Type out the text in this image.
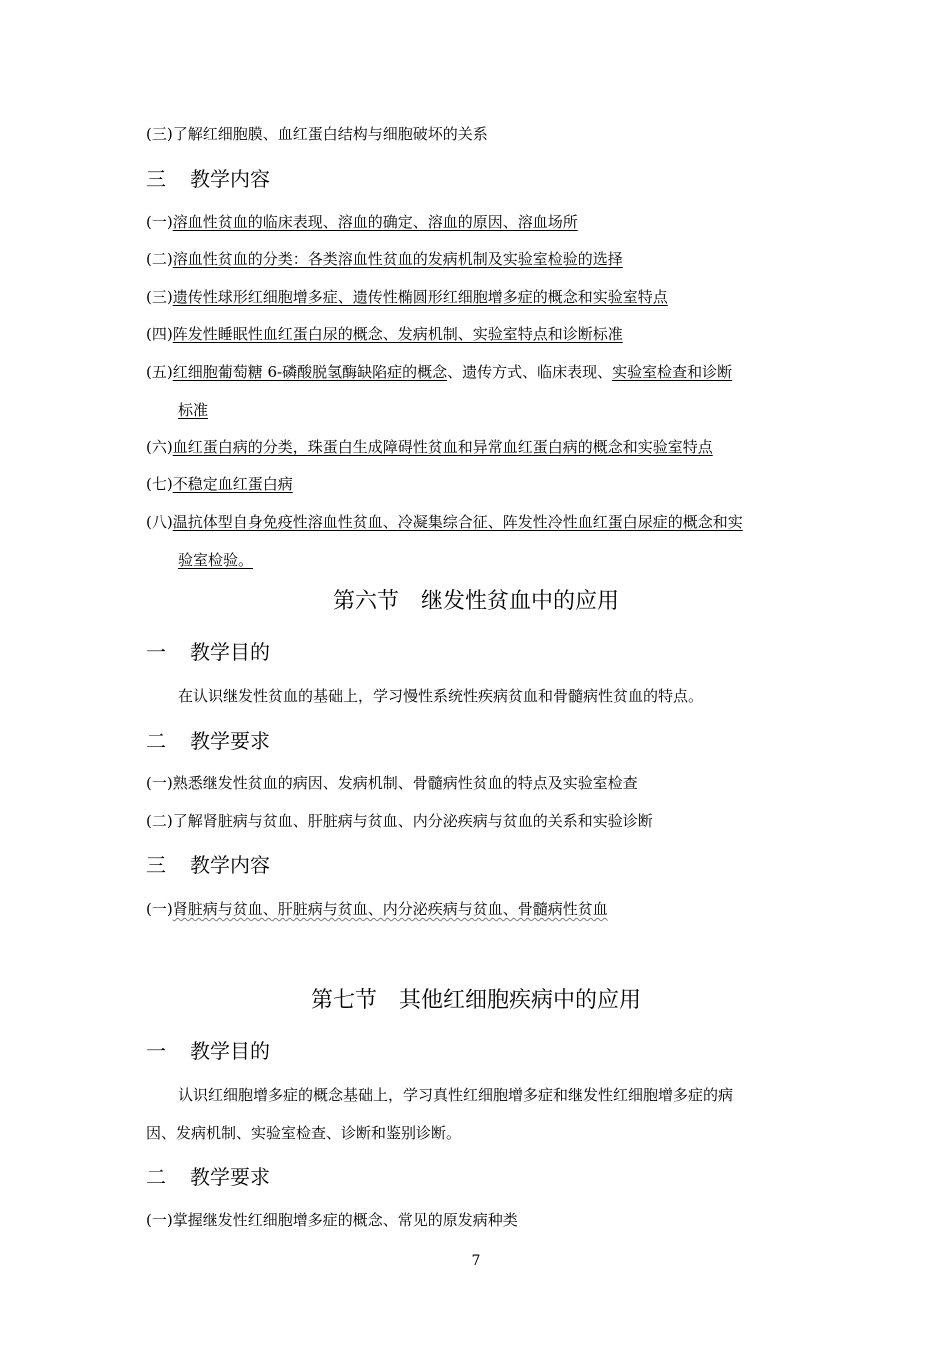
(三)了解红细胞膜、血红蛋白结构与细胞破坏的关系
三 教学内容
(一)溶血性贫血的临床表现、溶血的确定、溶血的原因、溶血场所
(二)溶血性贫血的分类：各类溶血性贫血的发病机制及实验室检验的选择
(三)遗传性球形红细胞增多症、遗传性椭圆形红细胞增多症的概念和实验室特点
(四)阵发性睡眠性血红蛋白尿的概念、发病机制、实验室特点和诊断标准
(五)红细胞葡萄糖 6-磷酸脱氢酶缺陷症的概念、遗传方式、临床表现、实验室检查和诊断
标准
(六)血红蛋白病的分类，珠蛋白生成障碍性贫血和异常血红蛋白病的概念和实验室特点
(七)不稳定血红蛋白病
(八)温抗体型自身免疫性溶血性贫血、冷凝集综合征、阵发性冷性血红蛋白尿症的概念和实
验室检验。
第六节　继发性贫血中的应用
一 教学目的
在认识继发性贫血的基础上，学习慢性系统性疾病贫血和骨髓病性贫血的特点。
二 教学要求
(一)熟悉继发性贫血的病因、发病机制、骨髓病性贫血的特点及实验室检查
(二)了解肾脏病与贫血、肝脏病与贫血、内分泌疾病与贫血的关系和实验诊断
三 教学内容
(一)肾脏病与贫血、肝脏病与贫血、内分泌疾病与贫血、骨髓病性贫血
第七节　其他红细胞疾病中的应用
一 教学目的
认识红细胞增多症的概念基础上，学习真性红细胞增多症和继发性红细胞增多症的病
因、发病机制、实验室检查、诊断和鉴别诊断。
二 教学要求
(一)掌握继发性红细胞增多症的概念、常见的原发病种类
7
